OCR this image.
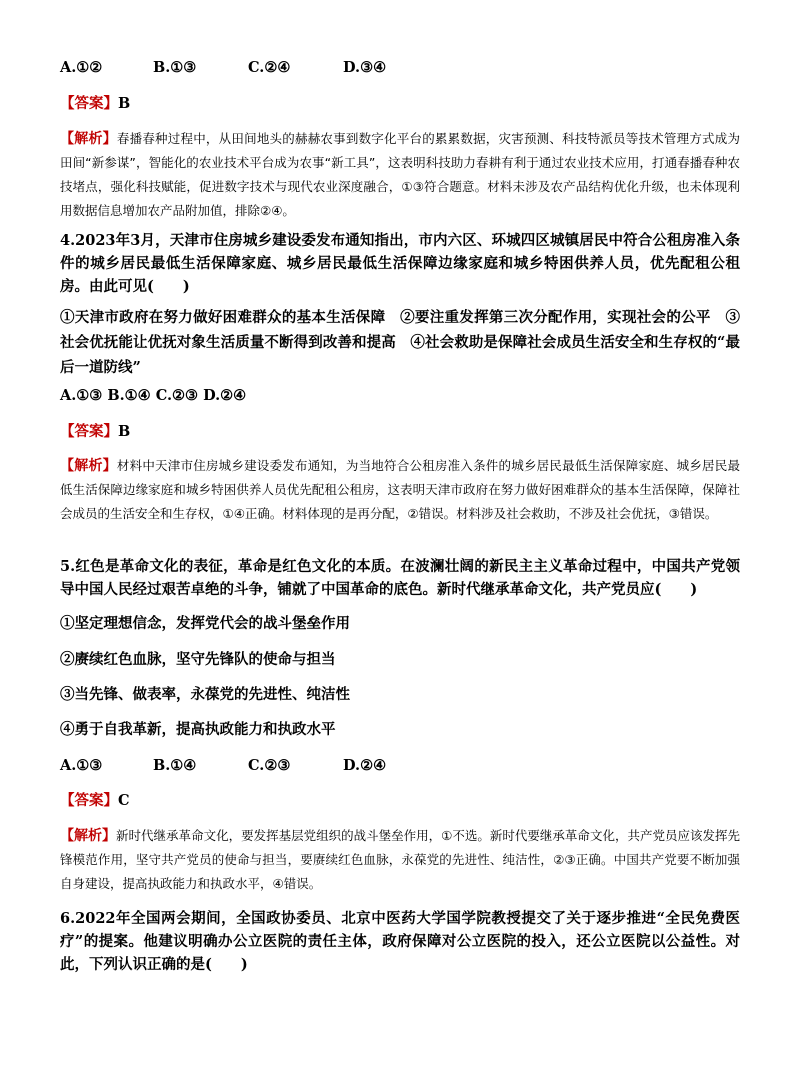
A.①②	B.①③	C.②④	D.③④
【答案】B
【解析】春播春种过程中，从田间地头的赫赫农事到数字化平台的累累数据，灾害预测、科技特派员等技术管理方式成为田间“新参谋”，智能化的农业技术平台成为农事“新工具”，这表明科技助力春耕有利于通过农业技术应用，打通春播春种农技堵点，强化科技赋能，促进数字技术与现代农业深度融合，①③符合题意。材料未涉及农产品结构优化升级，也未体现利用数据信息增加农产品附加值，排除②④。
4.2023年3月，天津市住房城乡建设委发布通知指出，市内六区、环城四区城镇居民中符合公租房准入条件的城乡居民最低生活保障家庭、城乡居民最低生活保障边缘家庭和城乡特困供养人员，优先配租公租房。由此可见(　　)
①天津市政府在努力做好困难群众的基本生活保障　②要注重发挥第三次分配作用，实现社会的公平　③社会优抚能让优抚对象生活质量不断得到改善和提高　④社会救助是保障社会成员生活安全和生存权的“最后一道防线”
A.①③ B.①④ C.②③ D.②④
【答案】B
【解析】材料中天津市住房城乡建设委发布通知，为当地符合公租房准入条件的城乡居民最低生活保障家庭、城乡居民最低生活保障边缘家庭和城乡特困供养人员优先配租公租房，这表明天津市政府在努力做好困难群众的基本生活保障，保障社会成员的生活安全和生存权，①④正确。材料体现的是再分配，②错误。材料涉及社会救助，不涉及社会优抚，③错误。
5.红色是革命文化的表征，革命是红色文化的本质。在波澜壮阔的新民主主义革命过程中，中国共产党领导中国人民经过艰苦卓绝的斗争，铺就了中国革命的底色。新时代继承革命文化，共产党员应(　　)
①坚定理想信念，发挥党代会的战斗堡垒作用
②赓续红色血脉，坚守先锋队的使命与担当
③当先锋、做表率，永葆党的先进性、纯洁性
④勇于自我革新，提高执政能力和执政水平
A.①③	B.①④	C.②③	D.②④
【答案】C
【解析】新时代继承革命文化，要发挥基层党组织的战斗堡垒作用，①不选。新时代要继承革命文化，共产党员应该发挥先锋模范作用，坚守共产党员的使命与担当，要赓续红色血脉，永葆党的先进性、纯洁性，②③正确。中国共产党要不断加强自身建设，提高执政能力和执政水平，④错误。
6.2022年全国两会期间，全国政协委员、北京中医药大学国学院教授提交了关于逐步推进“全民免费医疗”的提案。他建议明确办公立医院的责任主体，政府保障对公立医院的投入，还公立医院以公益性。对此，下列认识正确的是(　　)
